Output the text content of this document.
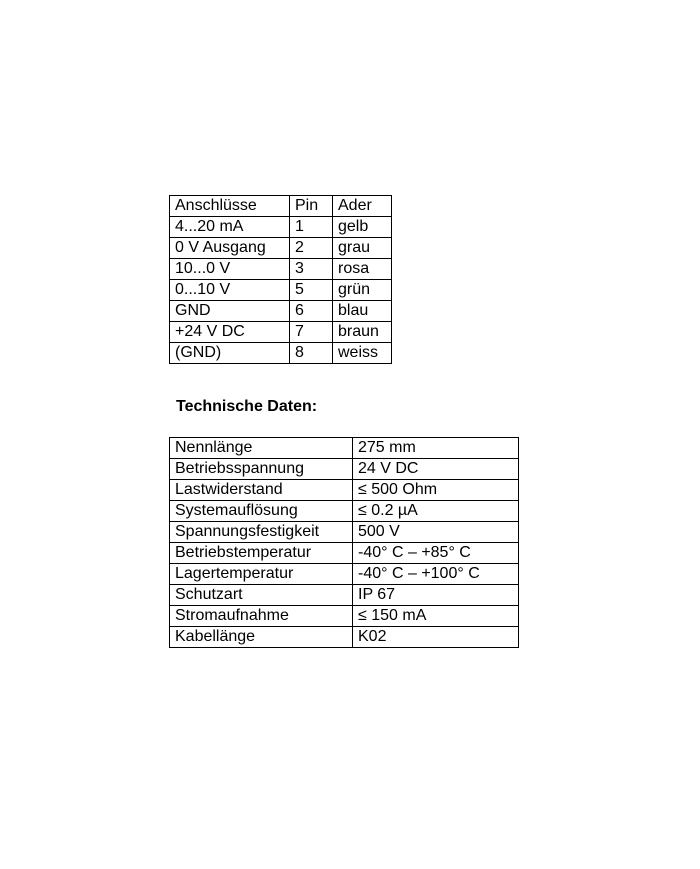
Anschlüsse	Pin	Ader
4...20 mA	1	gelb
0 V Ausgang	2	grau
10...0 V	3	rosa
0...10 V	5	grün
GND	6	blau
+24 V DC	7	braun
(GND)	8	weiss
Technische Daten:
Nennlänge	275 mm
Betriebsspannung	24 V DC
Lastwiderstand	≤ 500 Ohm
Systemauflösung	≤ 0.2 µA
Spannungsfestigkeit	500 V
Betriebstemperatur	-40° C – +85° C
Lagertemperatur	-40° C – +100° C
Schutzart	IP 67
Stromaufnahme	≤ 150 mA
Kabellänge	K02
